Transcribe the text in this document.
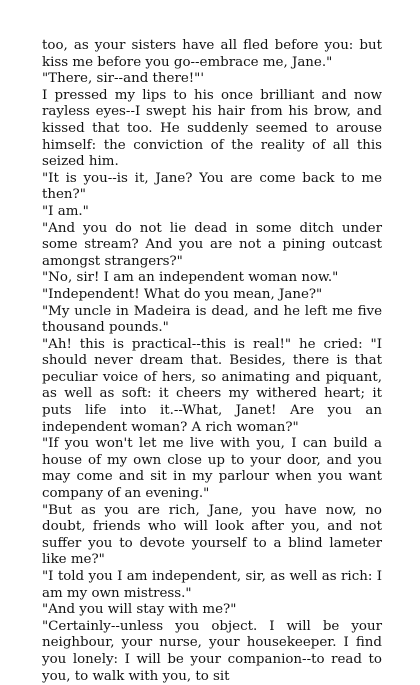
too, as your sisters have all fled before you: but kiss me before you go--embrace me, Jane."

"There, sir--and there!"'

I pressed my lips to his once brilliant and now rayless eyes--I swept his hair from his brow, and kissed that too. He suddenly seemed to arouse himself: the conviction of the reality of all this seized him.

"It is you--is it, Jane? You are come back to me then?"

"I am."

"And you do not lie dead in some ditch under some stream? And you are not a pining outcast amongst strangers?"

"No, sir! I am an independent woman now."

"Independent! What do you mean, Jane?"

"My uncle in Madeira is dead, and he left me five thousand pounds."

"Ah! this is practical--this is real!" he cried: "I should never dream that. Besides, there is that peculiar voice of hers, so animating and piquant, as well as soft: it cheers my withered heart; it puts life into it.--What, Janet! Are you an independent woman? A rich woman?"

"If you won't let me live with you, I can build a house of my own close up to your door, and you may come and sit in my parlour when you want company of an evening."

"But as you are rich, Jane, you have now, no doubt, friends who will look after you, and not suffer you to devote yourself to a blind lameter like me?"

"I told you I am independent, sir, as well as rich: I am my own mistress."

"And you will stay with me?"

"Certainly--unless you object. I will be your neighbour, your nurse, your housekeeper. I find you lonely: I will be your companion--to read to you, to walk with you, to sit
